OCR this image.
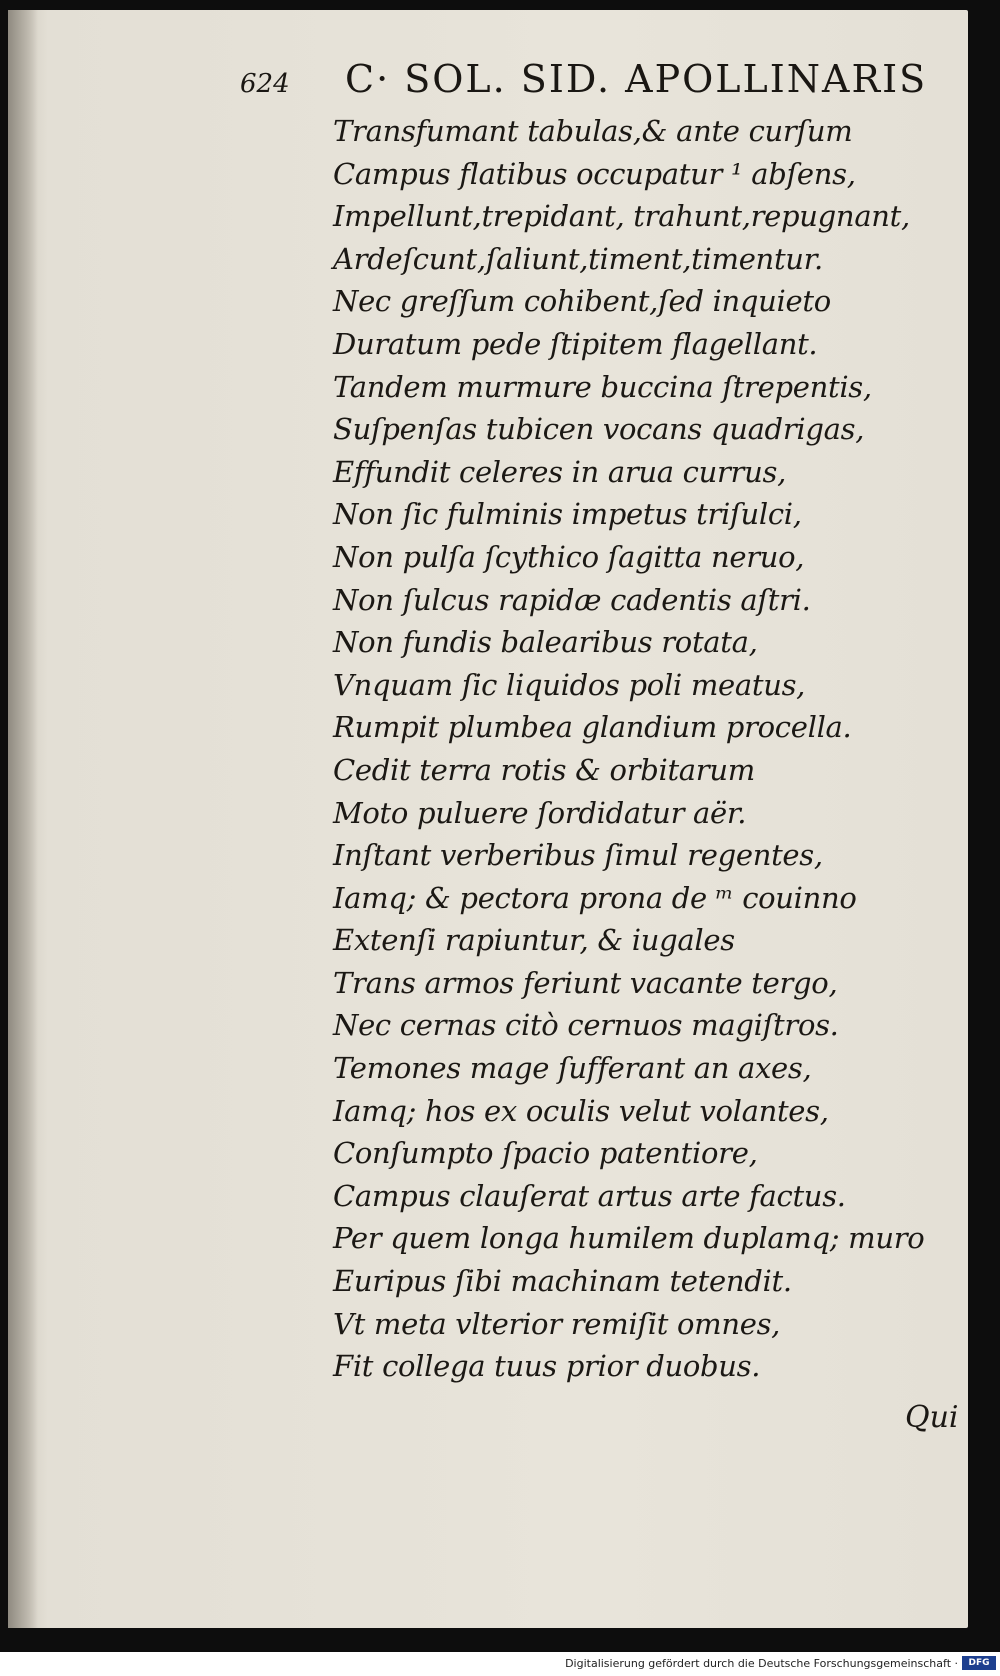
624 C· SOL. SID. APOLLINARIS
Transfumant tabulas,& ante curſum
Campus flatibus occupatur ¹ abſens,
Impellunt,trepidant, trahunt,repugnant,
Ardeſcunt,ſaliunt,timent,timentur.
Nec greſſum cohibent,ſed inquieto
Duratum pede ſtipitem flagellant.
Tandem murmure buccina ſtrepentis,
Suſpenſas tubicen vocans quadrigas,
Effundit celeres in arua currus,
Non ſic fulminis impetus triſulci,
Non pulſa ſcythico ſagitta neruo,
Non ſulcus rapidæ cadentis aſtri.
Non fundis balearibus rotata,
Vnquam ſic liquidos poli meatus,
Rumpit plumbea glandium procella.
Cedit terra rotis & orbitarum
Moto puluere ſordidatur aër.
Inſtant verberibus ſimul regentes,
Iamq; & pectora prona de ᵐ couinno
Extenſi rapiuntur, & iugales
Trans armos feriunt vacante tergo,
Nec cernas citò cernuos magiſtros.
Temones mage ſufferant an axes,
Iamq; hos ex oculis velut volantes,
Conſumpto ſpacio patentiore,
Campus clauſerat artus arte factus.
Per quem longa humilem duplamq; muro
Euripus ſibi machinam tetendit.
Vt meta vlterior remiſit omnes,
Fit collega tuus prior duobus.
Qui
Digitalisierung gefördert durch die Deutsche Forschungsgemeinschaft ·	DFG
